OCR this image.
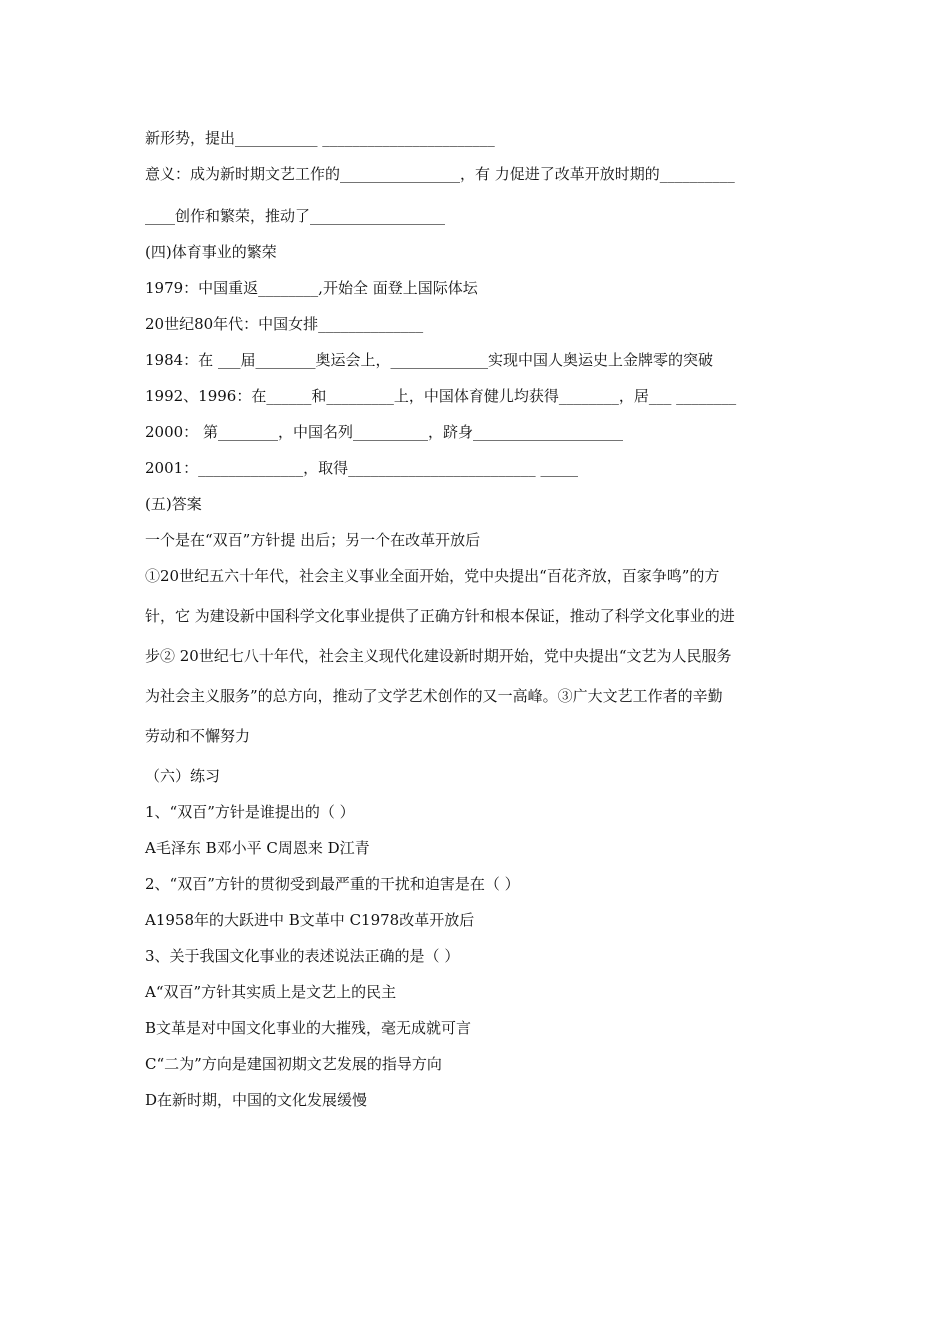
新形势，提出___________ _______________________
意义：成为新时期文艺工作的________________，有 力促进了改革开放时期的__________
____创作和繁荣，推动了__________________
(四)体育事业的繁荣
1979：中国重返________,开始全 面登上国际体坛
20世纪80年代：中国女排______________
1984：在 ___届________奥运会上，_____________实现中国人奥运史上金牌零的突破
1992、1996：在______和_________上，中国体育健儿均获得________，居___ ________
2000： 第________，中国名列__________，跻身____________________
2001：______________，取得_________________________ _____
(五)答案
一个是在“双百”方针提 出后；另一个在改革开放后
①20世纪五六十年代，社会主义事业全面开始，党中央提出“百花齐放，百家争鸣”的方
针，它 为建设新中国科学文化事业提供了正确方针和根本保证，推动了科学文化事业的进
步② 20世纪七八十年代，社会主义现代化建设新时期开始，党中央提出“文艺为人民服务
为社会主义服务”的总方向，推动了文学艺术创作的又一高峰。③广大文艺工作者的辛勤
劳动和不懈努力
（六）练习
1、“双百”方针是谁提出的（ ）
A毛泽东 B邓小平 C周恩来 D江青
2、“双百”方针的贯彻受到最严重的干扰和迫害是在（ ）
A1958年的大跃进中 B文革中 C1978改革开放后
3、关于我国文化事业的表述说法正确的是（ ）
A“双百”方针其实质上是文艺上的民主
B文革是对中国文化事业的大摧残，毫无成就可言
C“二为”方向是建国初期文艺发展的指导方向
D在新时期，中国的文化发展缓慢
